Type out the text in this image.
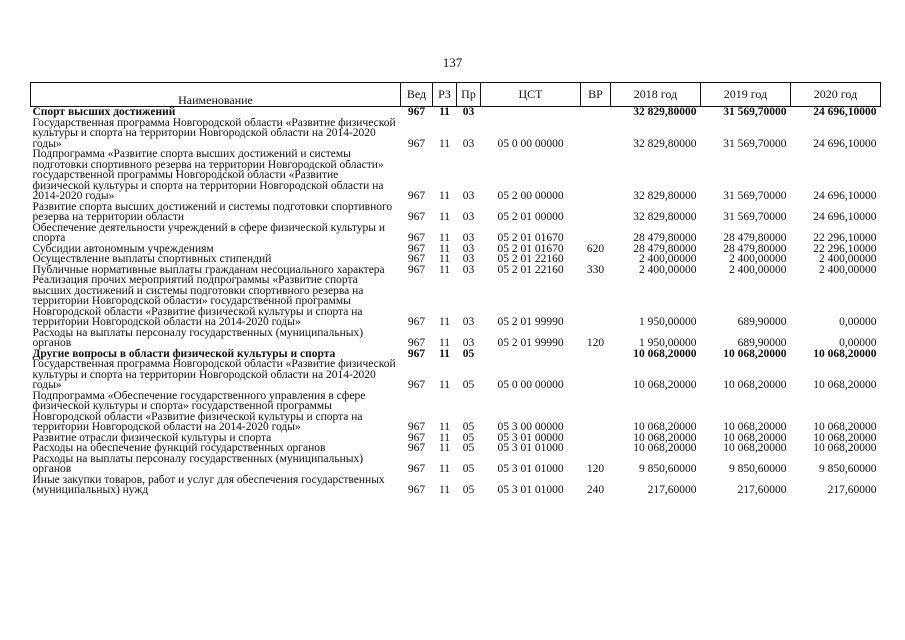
137
Наименование	Вед	РЗ	Пр	ЦСТ	ВР	2018 год	2019 год	2020 год
Спорт высших достижений	967	11	03			32 829,80000	31 569,70000	24 696,10000
Государственная программа Новгородской области «Развитие физической культуры и спорта на территории Новгородской области на 2014-2020 годы»	967	11	03	05 0 00 00000		32 829,80000	31 569,70000	24 696,10000
Подпрограмма «Развитие спорта высших достижений и системы подготовки спортивного резерва на территории Новгородской области» государственной программы Новгородской области «Развитие физической культуры и спорта на территории Новгородской области на 2014-2020 годы»	967	11	03	05 2 00 00000		32 829,80000	31 569,70000	24 696,10000
Развитие спорта высших достижений и системы подготовки спортивного резерва на территории области	967	11	03	05 2 01 00000		32 829,80000	31 569,70000	24 696,10000
Обеспечение деятельности учреждений в сфере физической культуры и спорта	967	11	03	05 2 01 01670		28 479,80000	28 479,80000	22 296,10000
Субсидии автономным учреждениям	967	11	03	05 2 01 01670	620	28 479,80000	28 479,80000	22 296,10000
Осуществление выплаты спортивных стипендий	967	11	03	05 2 01 22160		2 400,00000	2 400,00000	2 400,00000
Публичные нормативные выплаты гражданам несоциального характера	967	11	03	05 2 01 22160	330	2 400,00000	2 400,00000	2 400,00000
Реализация прочих мероприятий подпрограммы «Развитие спорта высших достижений и системы подготовки спортивного резерва на территории Новгородской области» государственной программы Новгородской области «Развитие физической культуры и спорта на территории Новгородской области на 2014-2020 годы»	967	11	03	05 2 01 99990		1 950,00000	689,90000	0,00000
Расходы на выплаты персоналу государственных (муниципальных) органов	967	11	03	05 2 01 99990	120	1 950,00000	689,90000	0,00000
Другие вопросы в области физической культуры и спорта	967	11	05			10 068,20000	10 068,20000	10 068,20000
Государственная программа Новгородской области «Развитие физической культуры и спорта на территории Новгородской области на 2014-2020 годы»	967	11	05	05 0 00 00000		10 068,20000	10 068,20000	10 068,20000
Подпрограмма «Обеспечение государственного управления в сфере физической культуры и спорта» государственной программы Новгородской области «Развитие физической культуры и спорта на территории Новгородской области на 2014-2020 годы»	967	11	05	05 3 00 00000		10 068,20000	10 068,20000	10 068,20000
Развитие отрасли физической культуры и спорта	967	11	05	05 3 01 00000		10 068,20000	10 068,20000	10 068,20000
Расходы на обеспечение функций государственных органов	967	11	05	05 3 01 01000		10 068,20000	10 068,20000	10 068,20000
Расходы на выплаты персоналу государственных (муниципальных) органов	967	11	05	05 3 01 01000	120	9 850,60000	9 850,60000	9 850,60000
Иные закупки товаров, работ и услуг для обеспечения государственных (муниципальных) нужд	967	11	05	05 3 01 01000	240	217,60000	217,60000	217,60000
